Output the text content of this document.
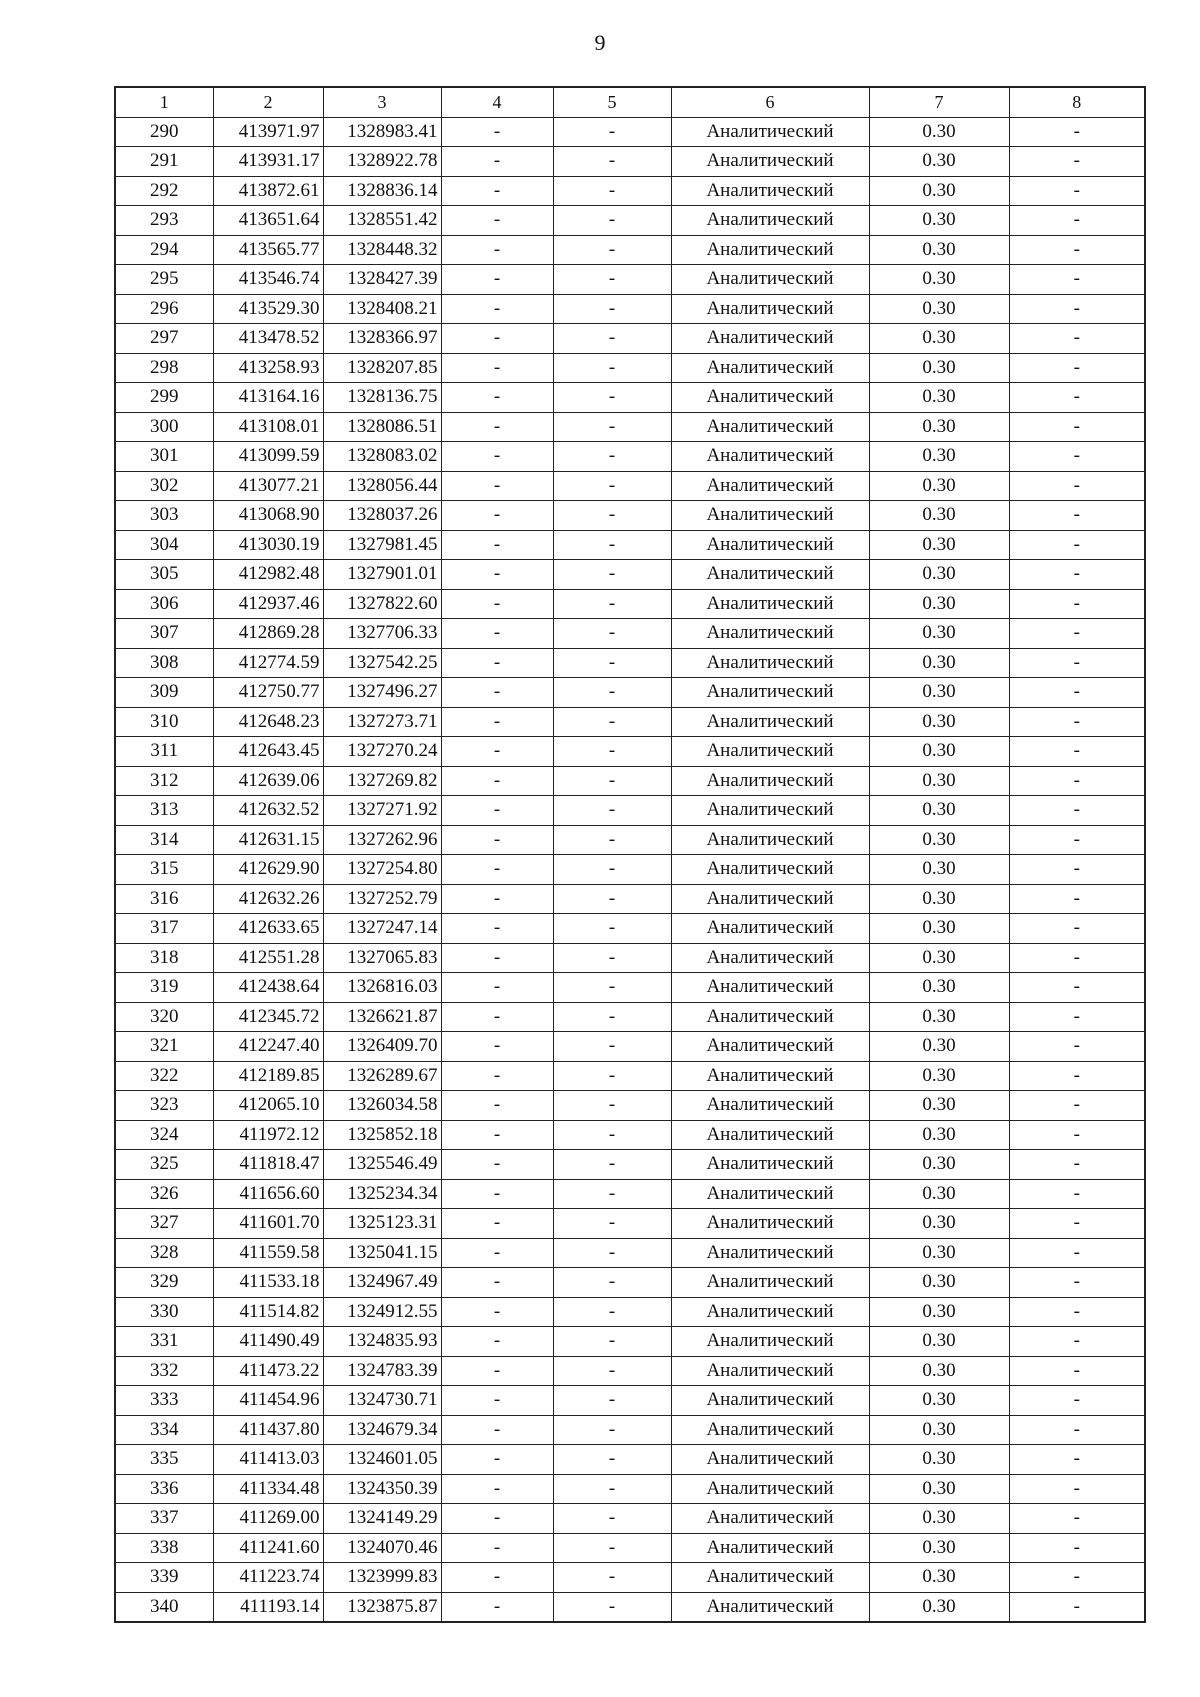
9
1	2	3	4	5	6	7	8
290	413971.97	1328983.41	-	-	Аналитический	0.30	-
291	413931.17	1328922.78	-	-	Аналитический	0.30	-
292	413872.61	1328836.14	-	-	Аналитический	0.30	-
293	413651.64	1328551.42	-	-	Аналитический	0.30	-
294	413565.77	1328448.32	-	-	Аналитический	0.30	-
295	413546.74	1328427.39	-	-	Аналитический	0.30	-
296	413529.30	1328408.21	-	-	Аналитический	0.30	-
297	413478.52	1328366.97	-	-	Аналитический	0.30	-
298	413258.93	1328207.85	-	-	Аналитический	0.30	-
299	413164.16	1328136.75	-	-	Аналитический	0.30	-
300	413108.01	1328086.51	-	-	Аналитический	0.30	-
301	413099.59	1328083.02	-	-	Аналитический	0.30	-
302	413077.21	1328056.44	-	-	Аналитический	0.30	-
303	413068.90	1328037.26	-	-	Аналитический	0.30	-
304	413030.19	1327981.45	-	-	Аналитический	0.30	-
305	412982.48	1327901.01	-	-	Аналитический	0.30	-
306	412937.46	1327822.60	-	-	Аналитический	0.30	-
307	412869.28	1327706.33	-	-	Аналитический	0.30	-
308	412774.59	1327542.25	-	-	Аналитический	0.30	-
309	412750.77	1327496.27	-	-	Аналитический	0.30	-
310	412648.23	1327273.71	-	-	Аналитический	0.30	-
311	412643.45	1327270.24	-	-	Аналитический	0.30	-
312	412639.06	1327269.82	-	-	Аналитический	0.30	-
313	412632.52	1327271.92	-	-	Аналитический	0.30	-
314	412631.15	1327262.96	-	-	Аналитический	0.30	-
315	412629.90	1327254.80	-	-	Аналитический	0.30	-
316	412632.26	1327252.79	-	-	Аналитический	0.30	-
317	412633.65	1327247.14	-	-	Аналитический	0.30	-
318	412551.28	1327065.83	-	-	Аналитический	0.30	-
319	412438.64	1326816.03	-	-	Аналитический	0.30	-
320	412345.72	1326621.87	-	-	Аналитический	0.30	-
321	412247.40	1326409.70	-	-	Аналитический	0.30	-
322	412189.85	1326289.67	-	-	Аналитический	0.30	-
323	412065.10	1326034.58	-	-	Аналитический	0.30	-
324	411972.12	1325852.18	-	-	Аналитический	0.30	-
325	411818.47	1325546.49	-	-	Аналитический	0.30	-
326	411656.60	1325234.34	-	-	Аналитический	0.30	-
327	411601.70	1325123.31	-	-	Аналитический	0.30	-
328	411559.58	1325041.15	-	-	Аналитический	0.30	-
329	411533.18	1324967.49	-	-	Аналитический	0.30	-
330	411514.82	1324912.55	-	-	Аналитический	0.30	-
331	411490.49	1324835.93	-	-	Аналитический	0.30	-
332	411473.22	1324783.39	-	-	Аналитический	0.30	-
333	411454.96	1324730.71	-	-	Аналитический	0.30	-
334	411437.80	1324679.34	-	-	Аналитический	0.30	-
335	411413.03	1324601.05	-	-	Аналитический	0.30	-
336	411334.48	1324350.39	-	-	Аналитический	0.30	-
337	411269.00	1324149.29	-	-	Аналитический	0.30	-
338	411241.60	1324070.46	-	-	Аналитический	0.30	-
339	411223.74	1323999.83	-	-	Аналитический	0.30	-
340	411193.14	1323875.87	-	-	Аналитический	0.30	-
